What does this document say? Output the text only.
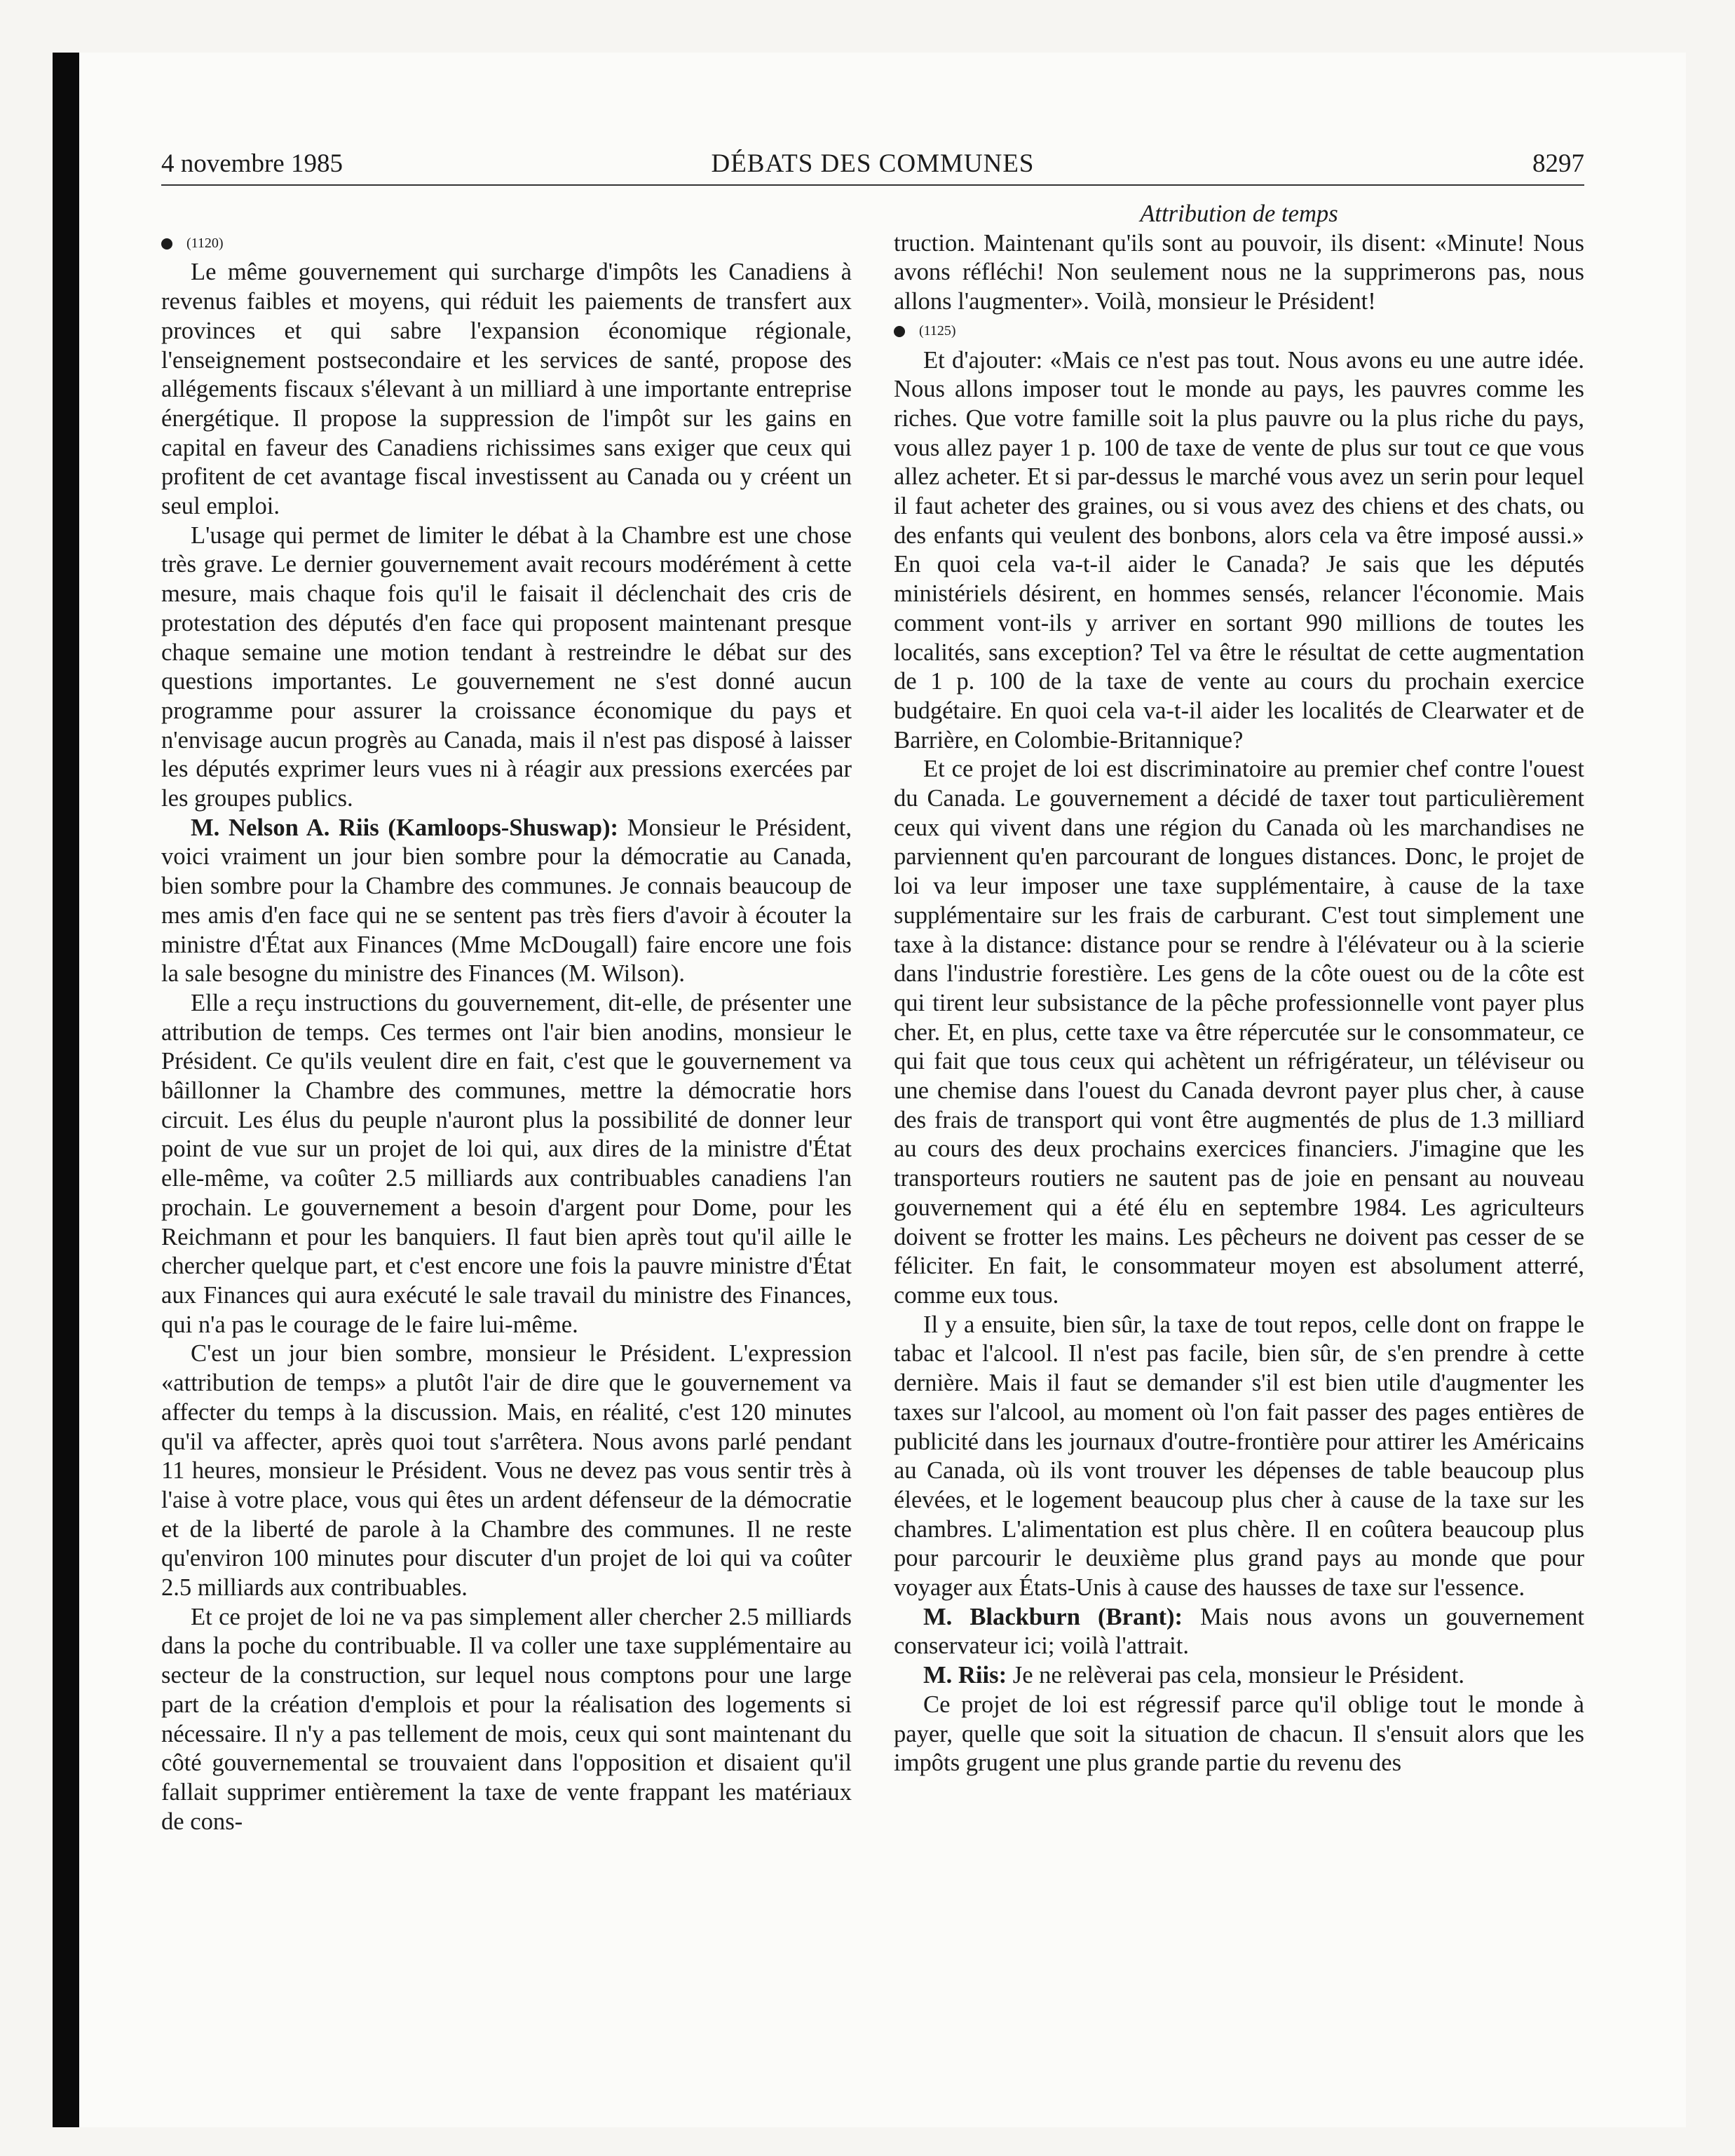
4 novembre 1985	DÉBATS DES COMMUNES	8297

(1120)

Le même gouvernement qui surcharge d'impôts les Canadiens à revenus faibles et moyens, qui réduit les paiements de transfert aux provinces et qui sabre l'expansion économique régionale, l'enseignement postsecondaire et les services de santé, propose des allégements fiscaux s'élevant à un milliard à une importante entreprise énergétique. Il propose la suppression de l'impôt sur les gains en capital en faveur des Canadiens richissimes sans exiger que ceux qui profitent de cet avantage fiscal investissent au Canada ou y créent un seul emploi.

L'usage qui permet de limiter le débat à la Chambre est une chose très grave. Le dernier gouvernement avait recours modérément à cette mesure, mais chaque fois qu'il le faisait il déclenchait des cris de protestation des députés d'en face qui proposent maintenant presque chaque semaine une motion tendant à restreindre le débat sur des questions importantes. Le gouvernement ne s'est donné aucun programme pour assurer la croissance économique du pays et n'envisage aucun progrès au Canada, mais il n'est pas disposé à laisser les députés exprimer leurs vues ni à réagir aux pressions exercées par les groupes publics.

M. Nelson A. Riis (Kamloops-Shuswap): Monsieur le Président, voici vraiment un jour bien sombre pour la démocratie au Canada, bien sombre pour la Chambre des communes. Je connais beaucoup de mes amis d'en face qui ne se sentent pas très fiers d'avoir à écouter la ministre d'État aux Finances (Mme McDougall) faire encore une fois la sale besogne du ministre des Finances (M. Wilson).

Elle a reçu instructions du gouvernement, dit-elle, de présenter une attribution de temps. Ces termes ont l'air bien anodins, monsieur le Président. Ce qu'ils veulent dire en fait, c'est que le gouvernement va bâillonner la Chambre des communes, mettre la démocratie hors circuit. Les élus du peuple n'auront plus la possibilité de donner leur point de vue sur un projet de loi qui, aux dires de la ministre d'État elle-même, va coûter 2.5 milliards aux contribuables canadiens l'an prochain. Le gouvernement a besoin d'argent pour Dome, pour les Reichmann et pour les banquiers. Il faut bien après tout qu'il aille le chercher quelque part, et c'est encore une fois la pauvre ministre d'État aux Finances qui aura exécuté le sale travail du ministre des Finances, qui n'a pas le courage de le faire lui-même.

C'est un jour bien sombre, monsieur le Président. L'expression «attribution de temps» a plutôt l'air de dire que le gouvernement va affecter du temps à la discussion. Mais, en réalité, c'est 120 minutes qu'il va affecter, après quoi tout s'arrêtera. Nous avons parlé pendant 11 heures, monsieur le Président. Vous ne devez pas vous sentir très à l'aise à votre place, vous qui êtes un ardent défenseur de la démocratie et de la liberté de parole à la Chambre des communes. Il ne reste qu'environ 100 minutes pour discuter d'un projet de loi qui va coûter 2.5 milliards aux contribuables.

Et ce projet de loi ne va pas simplement aller chercher 2.5 milliards dans la poche du contribuable. Il va coller une taxe supplémentaire au secteur de la construction, sur lequel nous comptons pour une large part de la création d'emplois et pour la réalisation des logements si nécessaire. Il n'y a pas tellement de mois, ceux qui sont maintenant du côté gouvernemental se trouvaient dans l'opposition et disaient qu'il fallait supprimer entièrement la taxe de vente frappant les matériaux de cons-

Attribution de temps

truction. Maintenant qu'ils sont au pouvoir, ils disent: «Minute! Nous avons réfléchi! Non seulement nous ne la supprimerons pas, nous allons l'augmenter». Voilà, monsieur le Président!

(1125)

Et d'ajouter: «Mais ce n'est pas tout. Nous avons eu une autre idée. Nous allons imposer tout le monde au pays, les pauvres comme les riches. Que votre famille soit la plus pauvre ou la plus riche du pays, vous allez payer 1 p. 100 de taxe de vente de plus sur tout ce que vous allez acheter. Et si par-dessus le marché vous avez un serin pour lequel il faut acheter des graines, ou si vous avez des chiens et des chats, ou des enfants qui veulent des bonbons, alors cela va être imposé aussi.» En quoi cela va-t-il aider le Canada? Je sais que les députés ministériels désirent, en hommes sensés, relancer l'économie. Mais comment vont-ils y arriver en sortant 990 millions de toutes les localités, sans exception? Tel va être le résultat de cette augmentation de 1 p. 100 de la taxe de vente au cours du prochain exercice budgétaire. En quoi cela va-t-il aider les localités de Clearwater et de Barrière, en Colombie-Britannique?

Et ce projet de loi est discriminatoire au premier chef contre l'ouest du Canada. Le gouvernement a décidé de taxer tout particulièrement ceux qui vivent dans une région du Canada où les marchandises ne parviennent qu'en parcourant de longues distances. Donc, le projet de loi va leur imposer une taxe supplémentaire, à cause de la taxe supplémentaire sur les frais de carburant. C'est tout simplement une taxe à la distance: distance pour se rendre à l'élévateur ou à la scierie dans l'industrie forestière. Les gens de la côte ouest ou de la côte est qui tirent leur subsistance de la pêche professionnelle vont payer plus cher. Et, en plus, cette taxe va être répercutée sur le consommateur, ce qui fait que tous ceux qui achètent un réfrigérateur, un téléviseur ou une chemise dans l'ouest du Canada devront payer plus cher, à cause des frais de transport qui vont être augmentés de plus de 1.3 milliard au cours des deux prochains exercices financiers. J'imagine que les transporteurs routiers ne sautent pas de joie en pensant au nouveau gouvernement qui a été élu en septembre 1984. Les agriculteurs doivent se frotter les mains. Les pêcheurs ne doivent pas cesser de se féliciter. En fait, le consommateur moyen est absolument atterré, comme eux tous.

Il y a ensuite, bien sûr, la taxe de tout repos, celle dont on frappe le tabac et l'alcool. Il n'est pas facile, bien sûr, de s'en prendre à cette dernière. Mais il faut se demander s'il est bien utile d'augmenter les taxes sur l'alcool, au moment où l'on fait passer des pages entières de publicité dans les journaux d'outre-frontière pour attirer les Américains au Canada, où ils vont trouver les dépenses de table beaucoup plus élevées, et le logement beaucoup plus cher à cause de la taxe sur les chambres. L'alimentation est plus chère. Il en coûtera beaucoup plus pour parcourir le deuxième plus grand pays au monde que pour voyager aux États-Unis à cause des hausses de taxe sur l'essence.

M. Blackburn (Brant): Mais nous avons un gouvernement conservateur ici; voilà l'attrait.

M. Riis: Je ne relèverai pas cela, monsieur le Président.

Ce projet de loi est régressif parce qu'il oblige tout le monde à payer, quelle que soit la situation de chacun. Il s'ensuit alors que les impôts grugent une plus grande partie du revenu des
